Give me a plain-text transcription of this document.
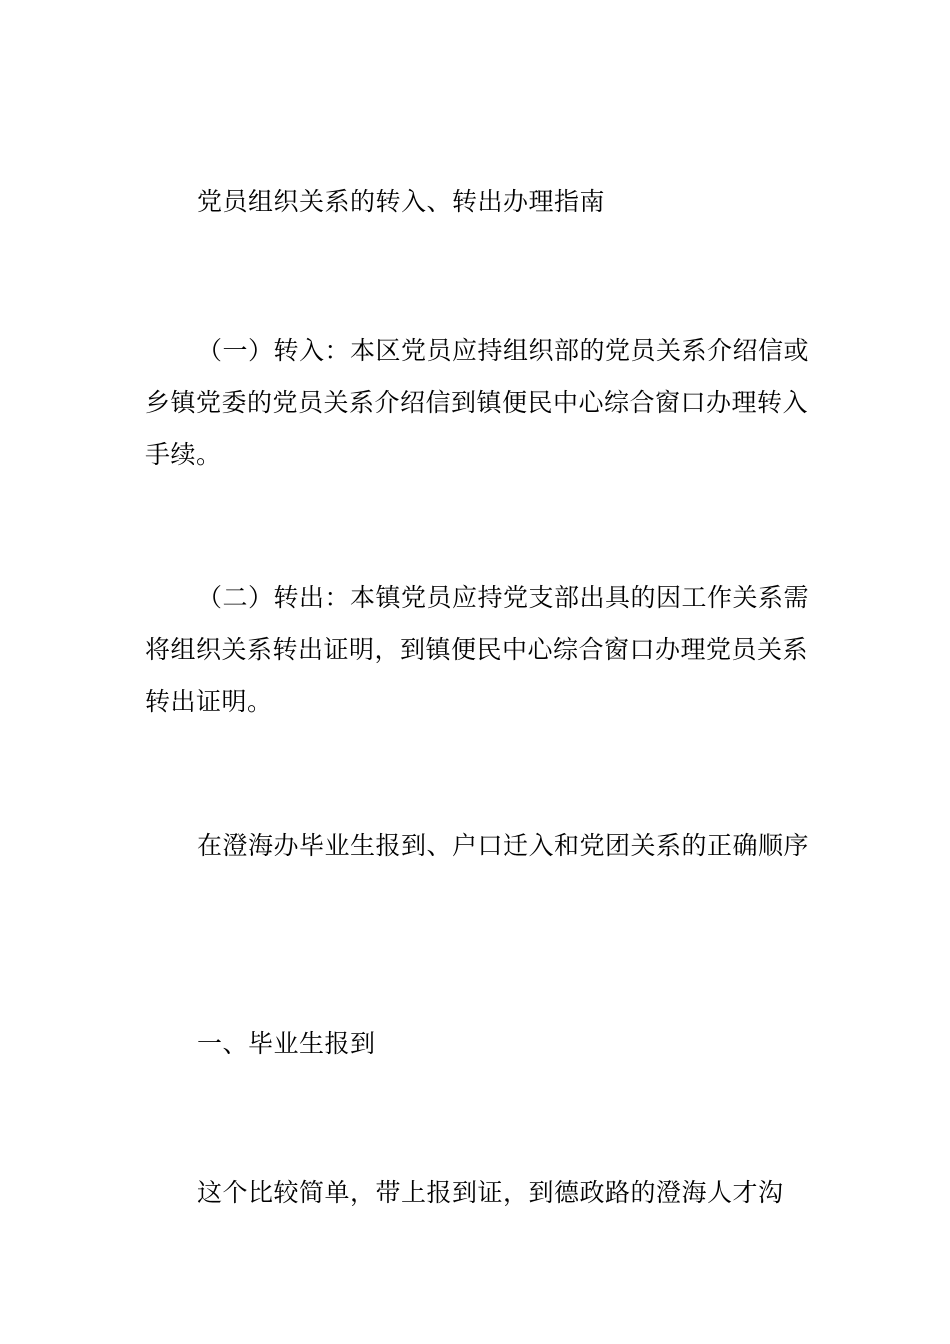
党员组织关系的转入、转出办理指南

（一）转入：本区党员应持组织部的党员关系介绍信或乡镇党委的党员关系介绍信到镇便民中心综合窗口办理转入手续。

（二）转出：本镇党员应持党支部出具的因工作关系需将组织关系转出证明，到镇便民中心综合窗口办理党员关系转出证明。

在澄海办毕业生报到、户口迁入和党团关系的正确顺序

一、毕业生报到

这个比较简单，带上报到证，到德政路的澄海人才沟
